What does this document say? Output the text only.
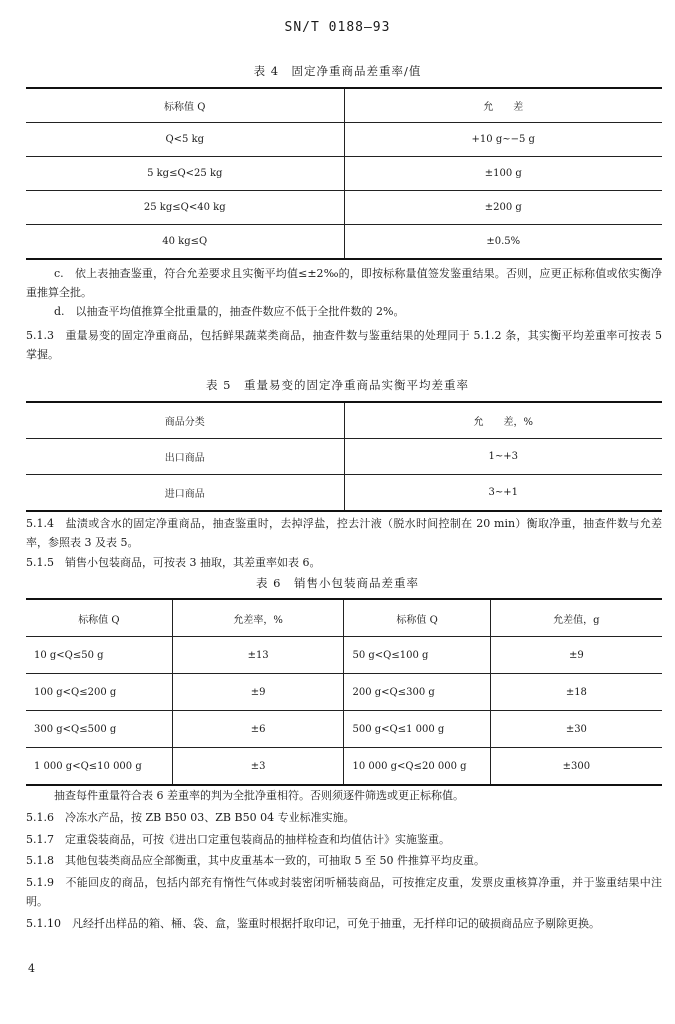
SN/T 0188—93
表 4　固定净重商品差重率/值
标称值 Q	允　　差
Q<5 kg	+10 g~−5 g
5 kg≤Q<25 kg	±100 g
25 kg≤Q<40 kg	±200 g
40 kg≤Q	±0.5%
c.　依上表抽查鉴重，符合允差要求且实衡平均值≤±2‰的，即按标称量值签发鉴重结果。否则，应更正标称值或依实衡净重推算全批。
d.　以抽查平均值推算全批重量的，抽查件数应不低于全批件数的 2%。
5.1.3　重量易变的固定净重商品，包括鲜果蔬菜类商品，抽查件数与鉴重结果的处理同于 5.1.2 条，其实衡平均差重率可按表 5 掌握。
表 5　重量易变的固定净重商品实衡平均差重率
商品分类	允　　差，%
出口商品	1~+3
进口商品	3~+1
5.1.4　盐渍或含水的固定净重商品，抽查鉴重时，去掉浮盐，控去汁液（脱水时间控制在 20 min）衡取净重，抽查件数与允差率，参照表 3 及表 5。
5.1.5　销售小包装商品，可按表 3 抽取，其差重率如表 6。
表 6　销售小包装商品差重率
标称值 Q	允差率，%	标称值 Q	允差值，g
10 g<Q≤50 g	±13	50 g<Q≤100 g	±9
100 g<Q≤200 g	±9	200 g<Q≤300 g	±18
300 g<Q≤500 g	±6	500 g<Q≤1 000 g	±30
1 000 g<Q≤10 000 g	±3	10 000 g<Q≤20 000 g	±300
抽查每件重量符合表 6 差重率的判为全批净重相符。否则须逐件筛选或更正标称值。
5.1.6　冷冻水产品，按 ZB B50 03、ZB B50 04 专业标准实施。
5.1.7　定重袋装商品，可按《进出口定重包装商品的抽样检查和均值估计》实施鉴重。
5.1.8　其他包装类商品应全部衡重，其中皮重基本一致的，可抽取 5 至 50 件推算平均皮重。
5.1.9　不能回皮的商品，包括内部充有惰性气体或封装密闭听桶装商品，可按推定皮重，发票皮重核算净重，并于鉴重结果中注明。
5.1.10　凡经扦出样品的箱、桶、袋、盒，鉴重时根据扦取印记，可免于抽重，无扦样印记的破损商品应予剔除更换。
4
